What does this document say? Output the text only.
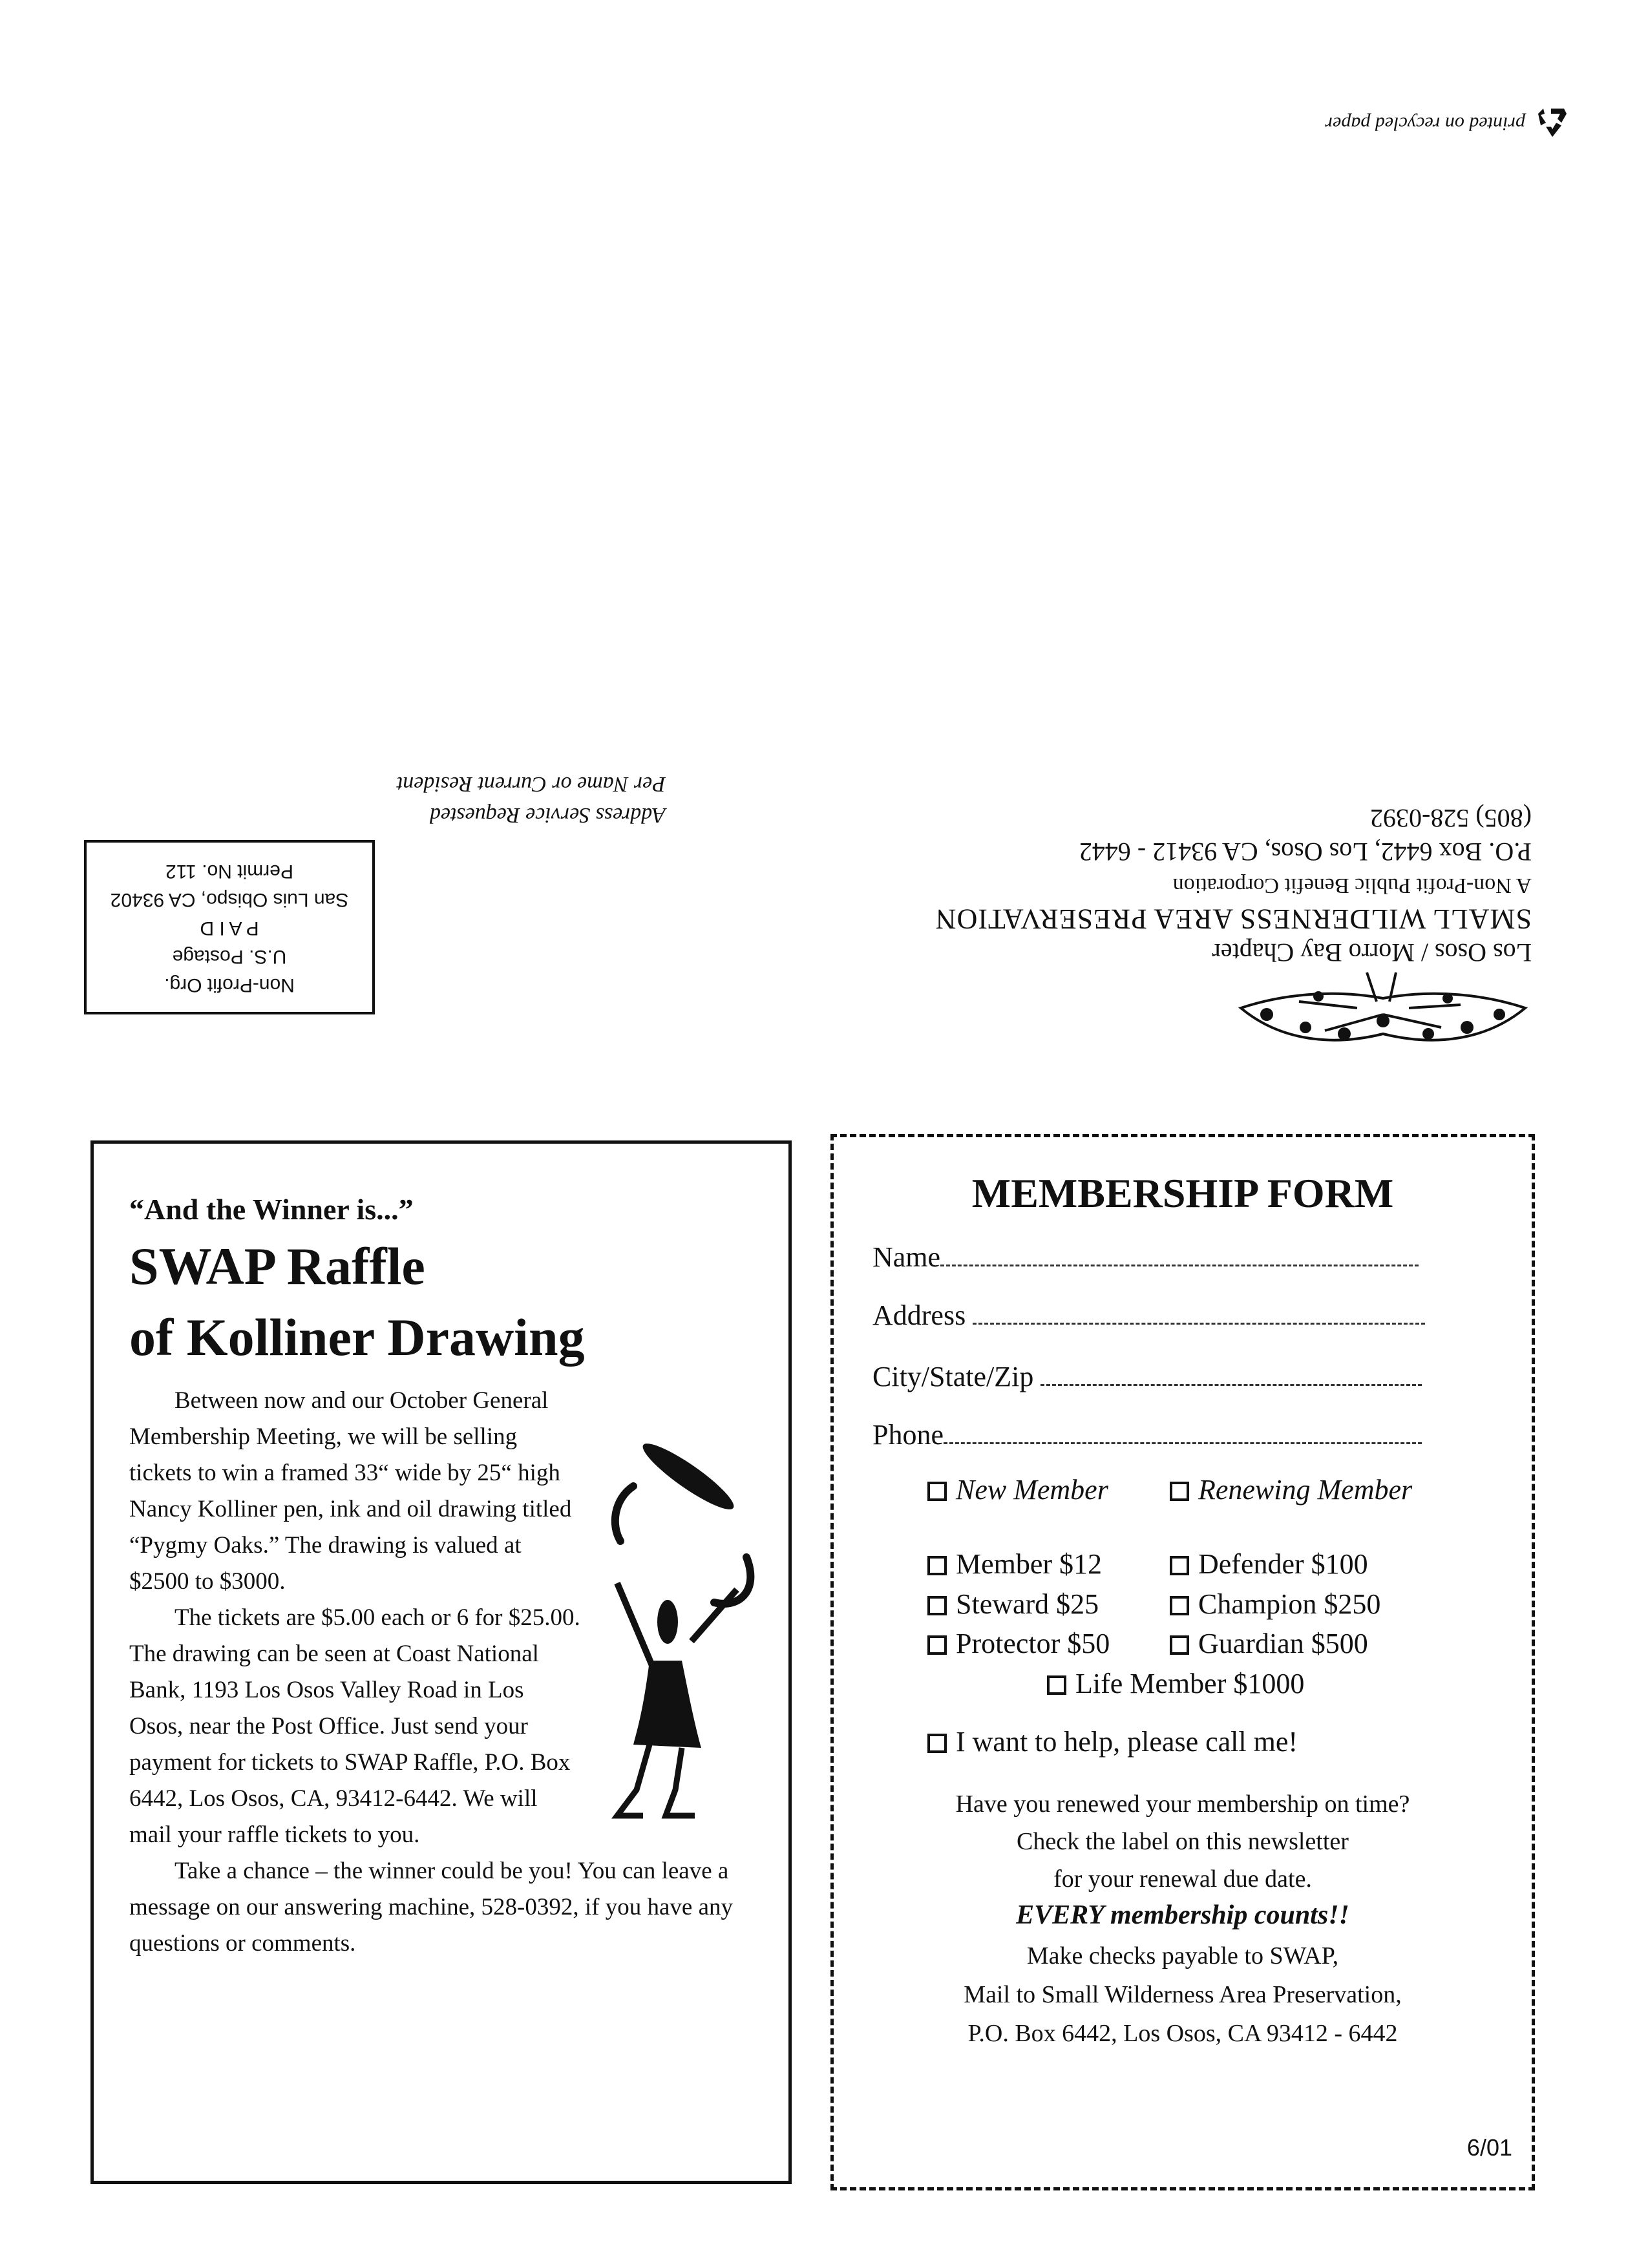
printed on recycled paper
Los Osos / Morro Bay Chapter
SMALL WILDERNESS AREA PRESERVATION
A Non-Profit Public Benefit Corporation
P.O. Box 6442, Los Osos, CA 93412 - 6442
(805) 528-0392
Non-Profit Org.
U.S. Postage
P A I D
San Luis Obispo, CA 93402
Permit No. 112
Address Service Requested
Per Name or Current Resident
“And the Winner is...”
SWAP Raffle
of Kolliner Drawing

Between now and our October General Membership Meeting, we will be selling tickets to win a framed 33“ wide by 25“ high Nancy Kolliner pen, ink and oil drawing titled “Pygmy Oaks.” The drawing is valued at $2500 to $3000.

The tickets are $5.00 each or 6 for $25.00. The drawing can be seen at Coast National Bank, 1193 Los Osos Valley Road in Los Osos, near the Post Office. Just send your payment for tickets to SWAP Raffle, P.O. Box 6442, Los Osos, CA, 93412-6442. We will mail your raffle tickets to you.

Take a chance – the winner could be you! You can leave a message on our answering machine, 528-0392, if you have any questions or comments.

MEMBERSHIP FORM
Name
Address
City/State/Zip
Phone
New Member	Renewing Member
Member $12	Defender $100
Steward $25	Champion $250
Protector $50	Guardian $500
Life Member $1000
I want to help, please call me!
Have you renewed your membership on time?
Check the label on this newsletter
for your renewal due date.
EVERY membership counts!!
Make checks payable to SWAP,
Mail to Small Wilderness Area Preservation,
P.O. Box 6442, Los Osos, CA 93412 - 6442
6/01
